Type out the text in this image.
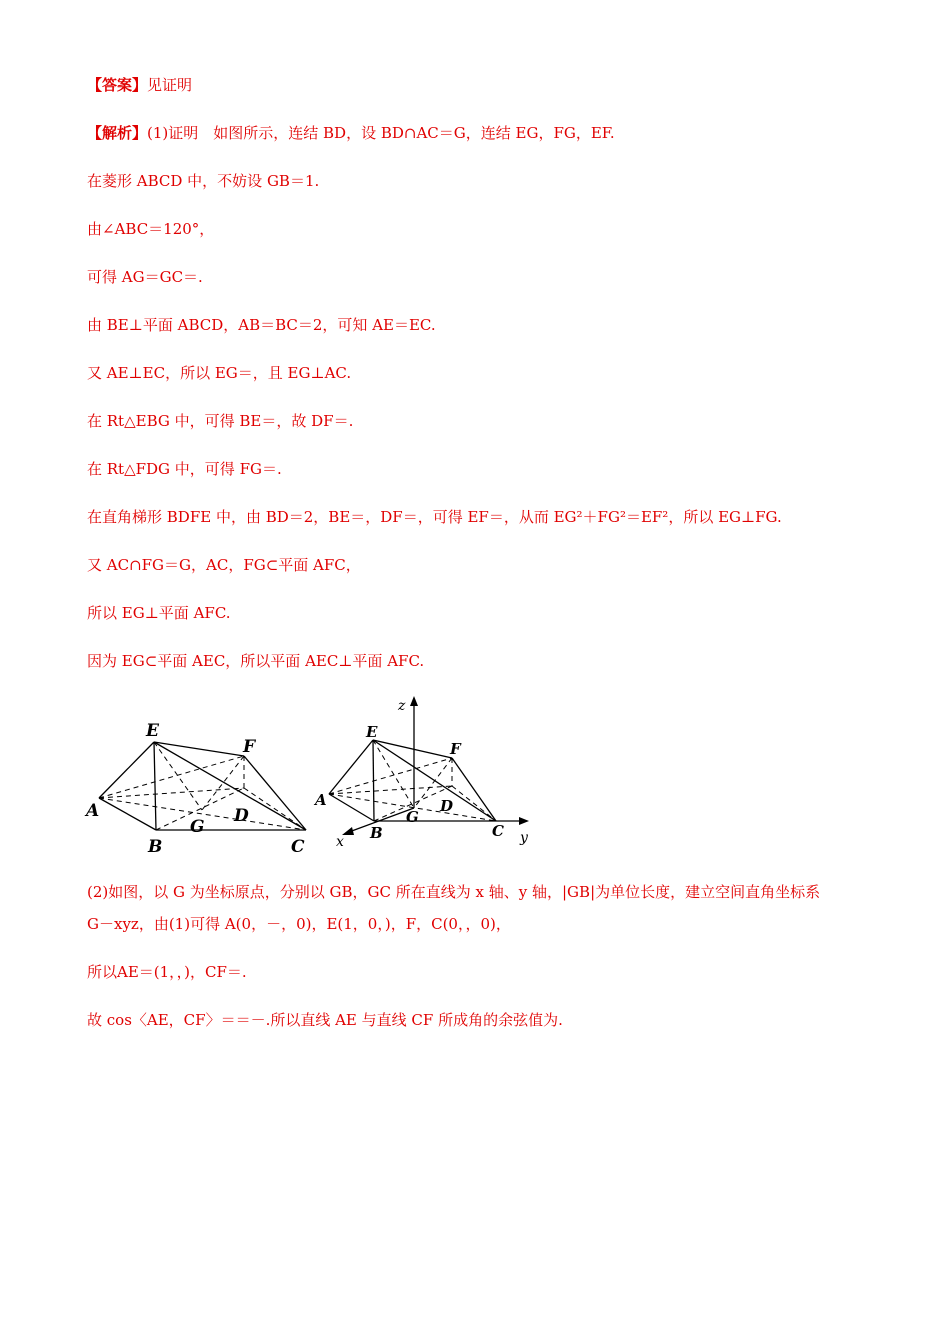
【答案】见证明
【解析】(1)证明　如图所示，连结 BD，设 BD∩AC＝G，连结 EG，FG，EF.
在菱形 ABCD 中，不妨设 GB＝1.
由∠ABC＝120°，
可得 AG＝GC＝.
由 BE⊥平面 ABCD，AB＝BC＝2，可知 AE＝EC.
又 AE⊥EC，所以 EG＝，且 EG⊥AC.
在 Rt△EBG 中，可得 BE＝，故 DF＝.
在 Rt△FDG 中，可得 FG＝.
在直角梯形 BDFE 中，由 BD＝2，BE＝，DF＝，可得 EF＝，从而 EG²＋FG²＝EF²，所以 EG⊥FG.
又 AC∩FG＝G，AC，FG⊂平面 AFC，
所以 EG⊥平面 AFC.
因为 EG⊂平面 AEC，所以平面 AEC⊥平面 AFC.
E
F
A
B	C
D
G
E
F
A
B	C
D
G
z
y
x
(2)如图，以 G 为坐标原点，分别以 GB，GC 所在直线为 x 轴、y 轴，|GB|为单位长度，建立空间直角坐标系
G－xyz，由(1)可得 A(0，－，0)，E(1，0，)，F，C(0，，0)，
所以AE＝(1，，)，CF＝.
故 cos〈AE，CF〉＝＝－.所以直线 AE 与直线 CF 所成角的余弦值为.
